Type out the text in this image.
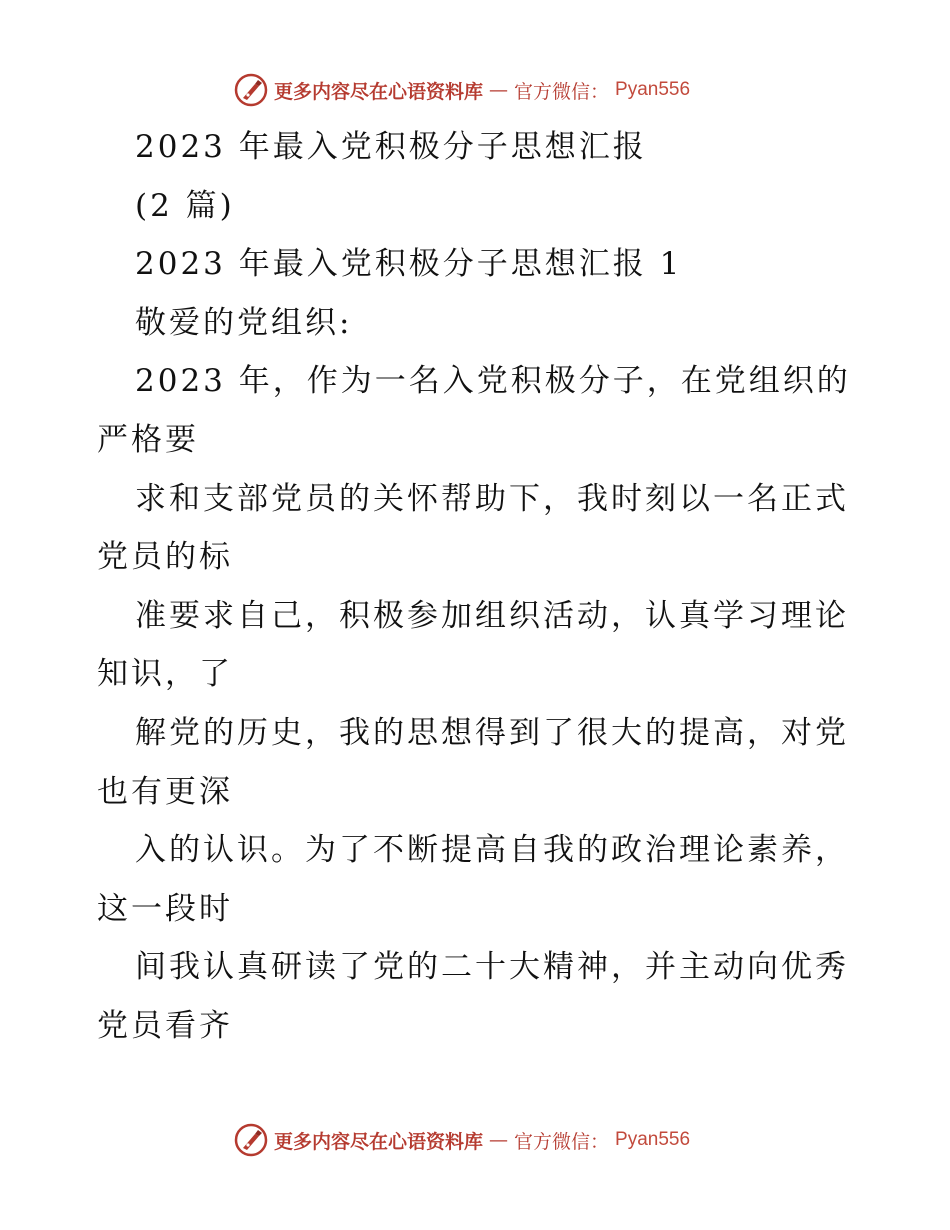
更多内容尽在心语资料库 — 官方微信： Pyan556
2023 年最入党积极分子思想汇报
(2 篇)
2023 年最入党积极分子思想汇报 1
敬爱的党组织:
2023 年，作为一名入党积极分子，在党组织的
严格要
求和支部党员的关怀帮助下，我时刻以一名正式
党员的标
准要求自己，积极参加组织活动，认真学习理论
知识，了
解党的历史，我的思想得到了很大的提高，对党
也有更深
入的认识。为了不断提高自我的政治理论素养，
这一段时
间我认真研读了党的二十大精神，并主动向优秀
党员看齐
更多内容尽在心语资料库 — 官方微信： Pyan556
